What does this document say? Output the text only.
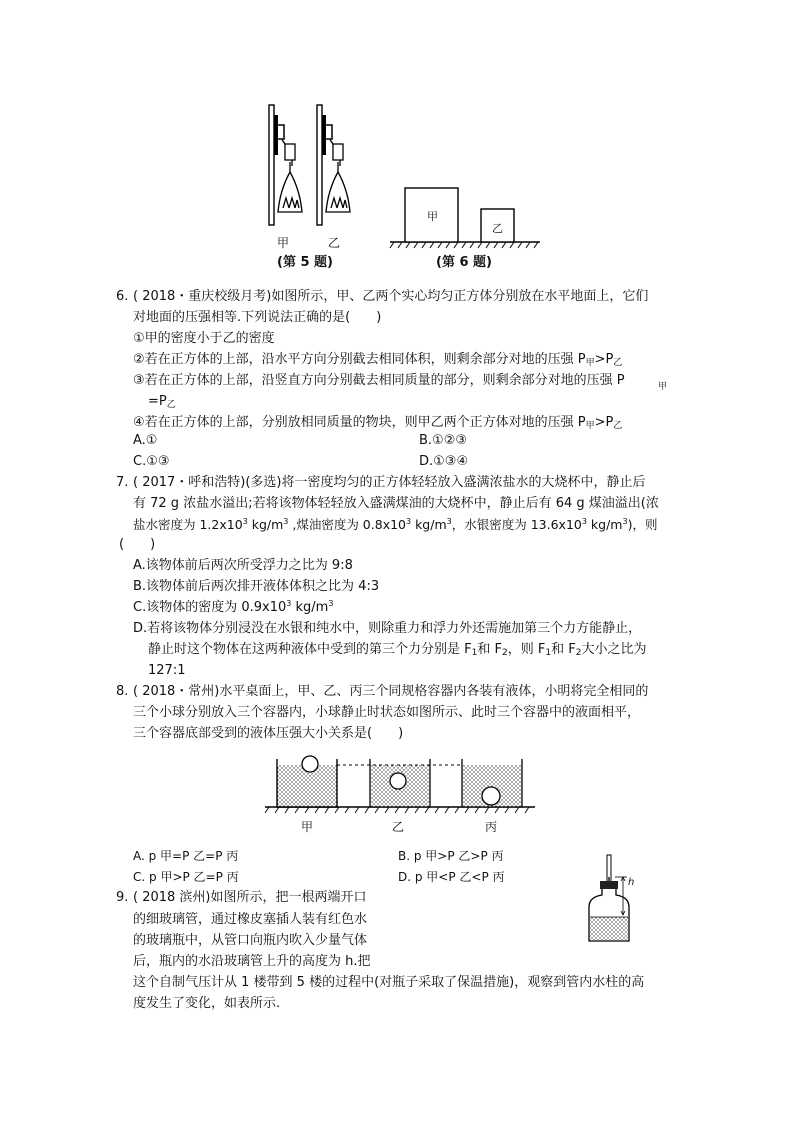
甲	乙
(第 5 题)
甲
乙
(第 6 题)
6. ( 2018・重庆校级月考)如图所示，甲、乙两个实心均匀正方体分别放在水平地面上，它们
对地面的压强相等.下列说法正确的是(　　)
①甲的密度小于乙的密度
②若在正方体的上部，沿水平方向分别截去相同体积，则剩余部分对地的压强 $P_甲>P_乙$
③若在正方体的上部，沿竖直方向分别截去相同质量的部分，则剩余部分对地的压强 P	甲
$=P_乙$
④若在正方体的上部，分别放相同质量的物块，则甲乙两个正方体对地的压强 $P_甲>P_乙$
A.①	B.①②③
C.①③	D.①③④
7. ( 2017・呼和浩特)(多选)将一密度均匀的正方体轻轻放入盛满浓盐水的大烧杯中，静止后
有 72 g 浓盐水溢出;若将该物体轻轻放入盛满煤油的大烧杯中，静止后有 64 g 煤油溢出(浓
盐水密度为 $1.2x10^3$ $kg/m^3$ ,煤油密度为 $0.8x10^3$ $kg/m^3$，水银密度为 $13.6x10^3$ $kg/m^3$)，则
(　　)
A.该物体前后两次所受浮力之比为 9:8
B.该物体前后两次排开液体体积之比为 4:3
C.该物体的密度为 $0.9x10^3$ $kg/m^3$
D.若将该物体分别浸没在水银和纯水中，则除重力和浮力外还需施加第三个力方能静止，
静止时这个物体在这两种液体中受到的第三个力分别是 $F_1$和 $F_2$，则 $F_1$和 $F_2$大小之比为
127:1
8. ( 2018・常州)水平桌面上，甲、乙、丙三个同规格容器内各装有液体，小明将完全相同的
三个小球分别放入三个容器内，小球静止时状态如图所示、此时三个容器中的液面相平，
三个容器底部受到的液体压强大小关系是(　　)
甲	乙	丙
A. p 甲=P 乙=P 丙	B. p 甲>P 乙>P 丙
C. p 甲>P 乙=P 丙	D. p 甲<P 乙<P 丙
9. ( 2018 滨州)如图所示，把一根两端开口
的细玻璃管，通过橡皮塞插人装有红色水
的玻璃瓶中，从管口向瓶内吹入少量气体
后，瓶内的水沿玻璃管上升的高度为 h.把
这个自制气压计从 1 楼带到 5 楼的过程中(对瓶子采取了保温措施)，观察到管内水柱的高
度发生了变化，如表所示.
h
